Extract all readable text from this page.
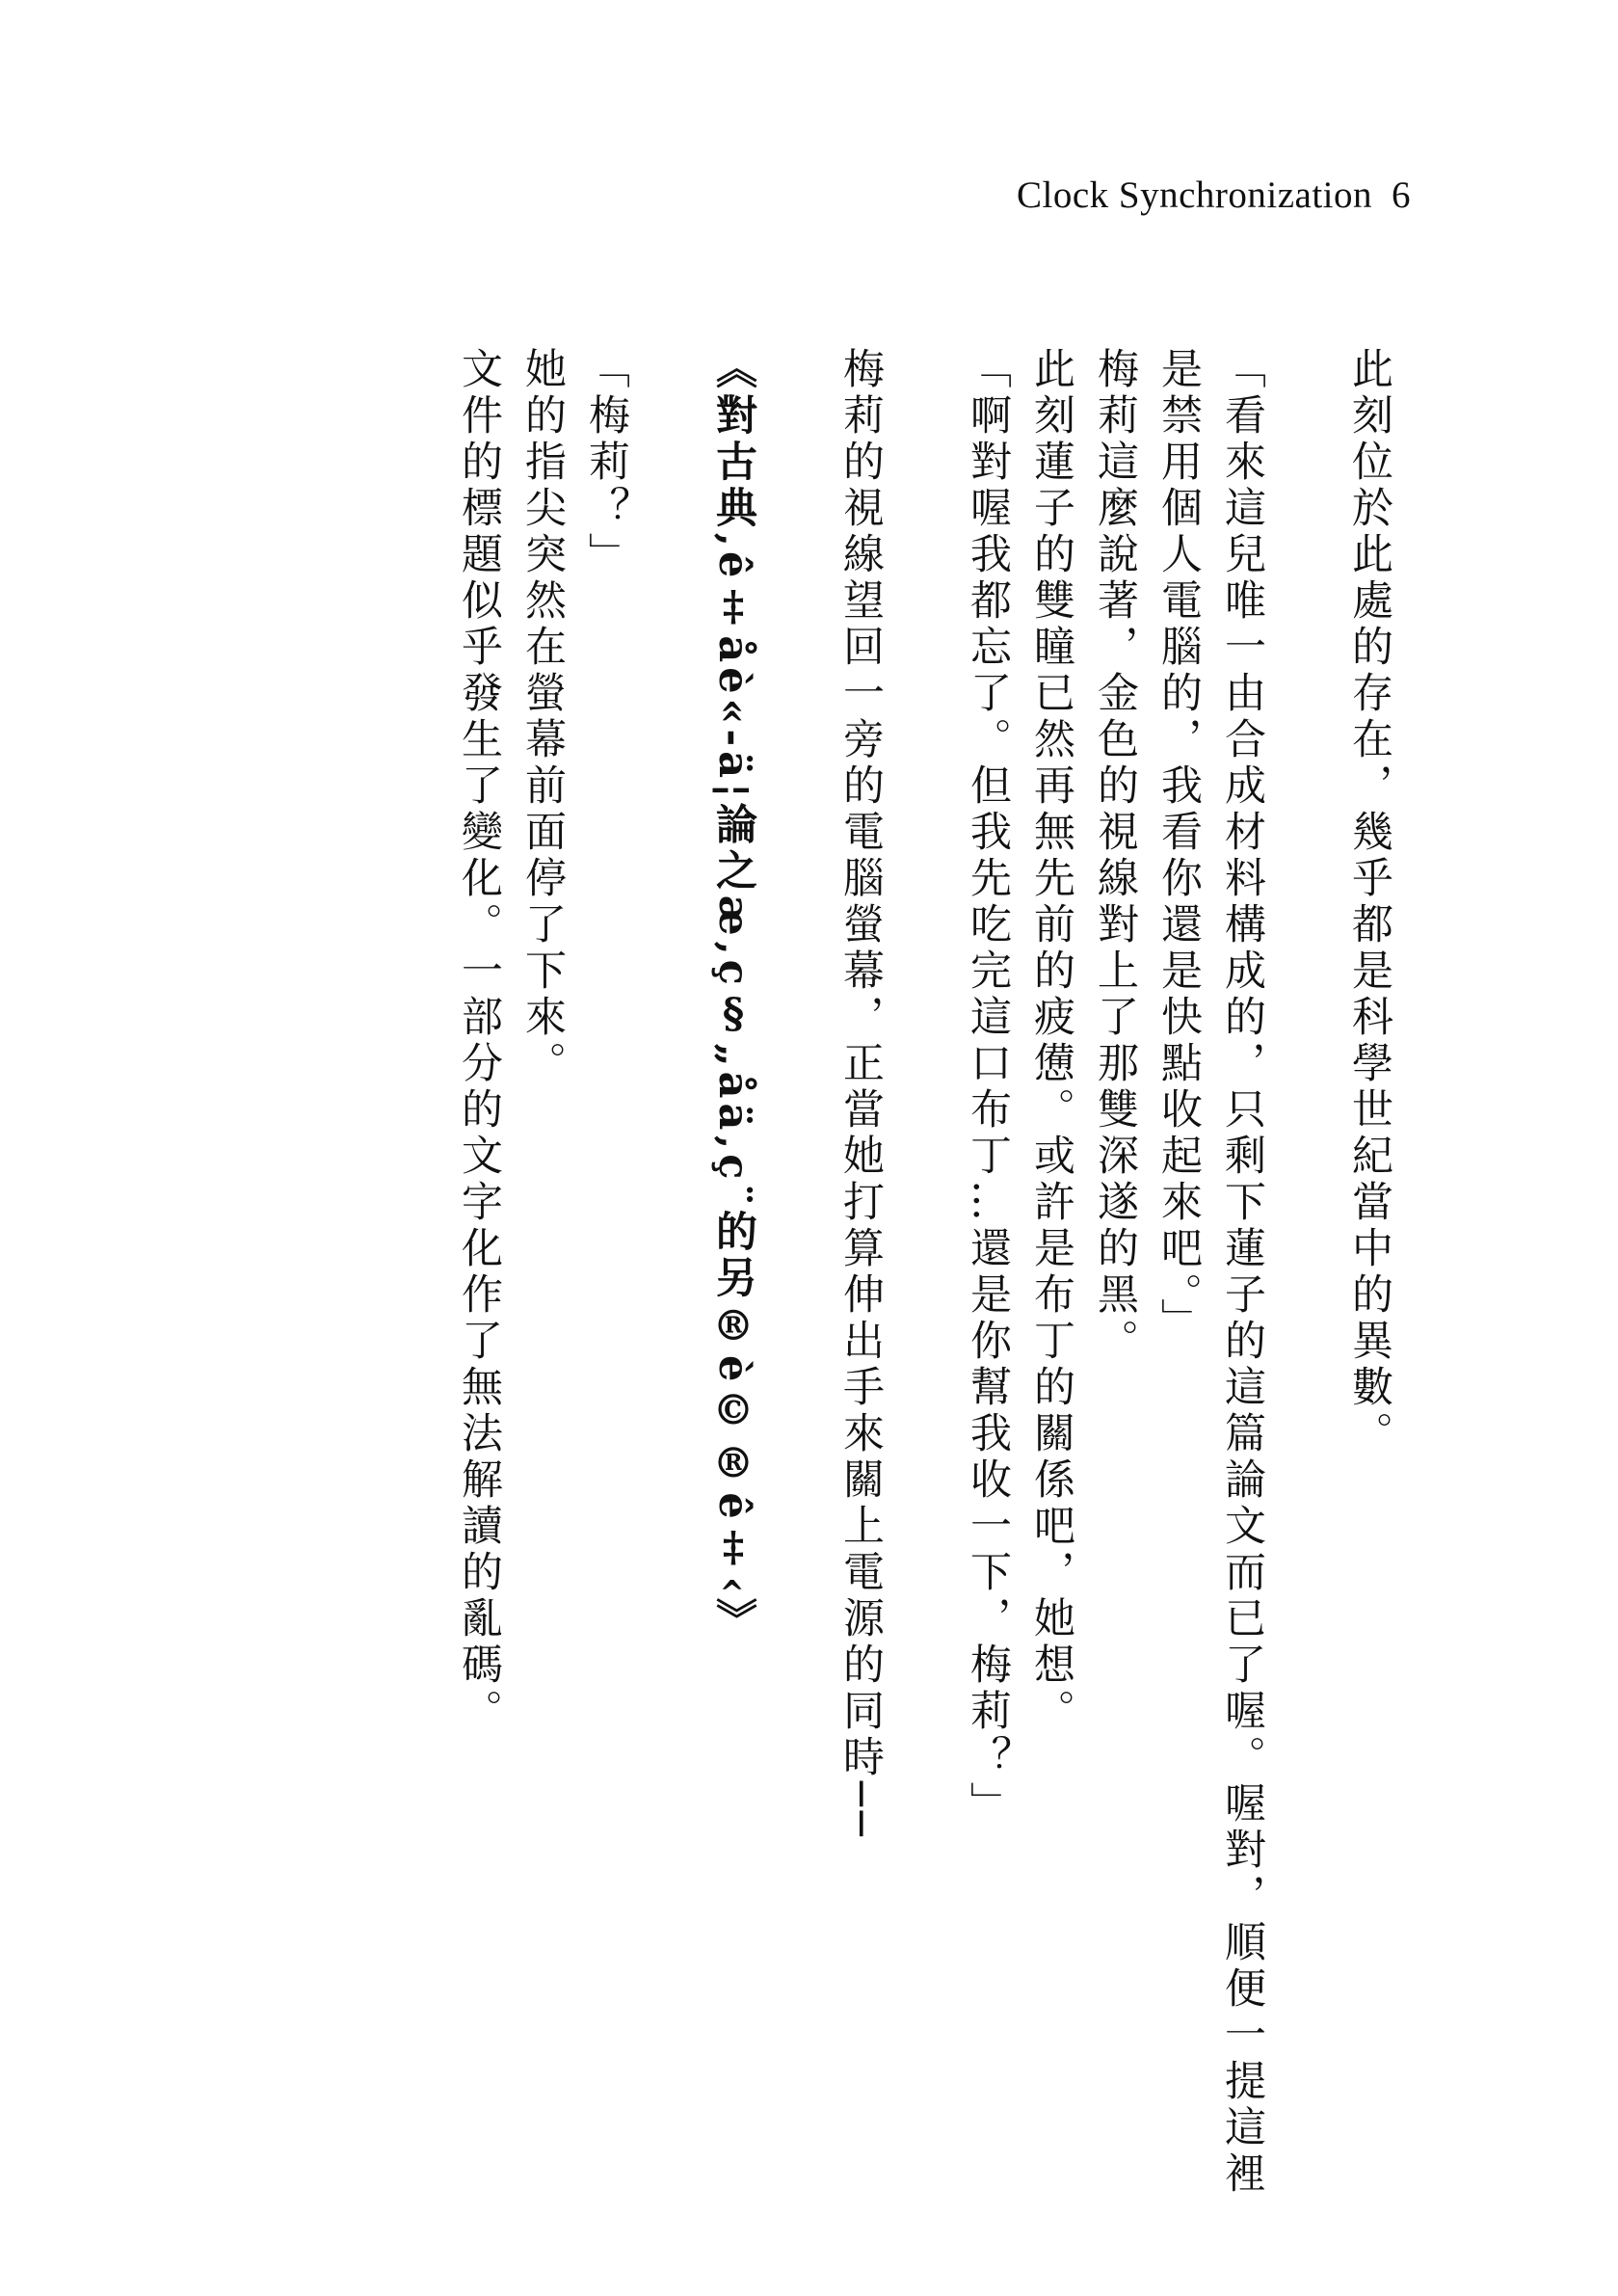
Clock Synchronization 6

此刻位於此處的存在，幾乎都是科學世紀當中的異數。

「看來這兒唯一由合成材料構成的，只剩下蓮子的這篇論文而已了喔。喔對，順便一提這裡是禁用個人電腦的，我看你還是快點收起來吧。」

梅莉這麼說著，金色的視線對上了那雙深遂的黑。

此刻蓮子的雙瞳已然再無先前的疲憊。或許是布丁的關係吧，她想。

「啊對喔我都忘了。但我先吃完這口布丁…還是你幫我收一下，梅莉？」

梅莉的視線望回一旁的電腦螢幕，正當她打算伸出手來關上電源的同時──

《對古典‚ê‡åè«-ä¦論之æ‚ç§„åä‚ç¨的另®è©®ê‡‹》

「梅莉？」

她的指尖突然在螢幕前面停了下來。

文件的標題似乎發生了變化。一部分的文字化作了無法解讀的亂碼。
